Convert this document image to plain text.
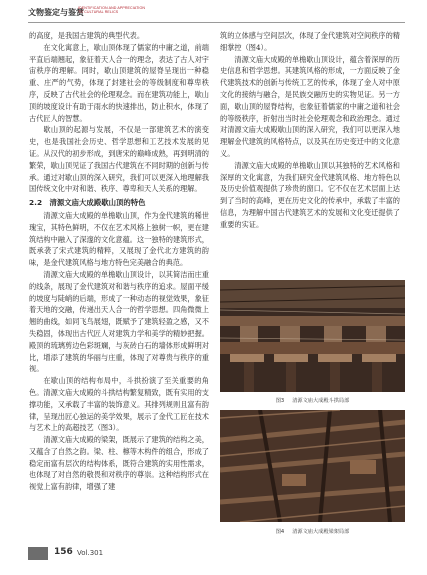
文物鉴定与鉴赏
IDENTIFICATION AND APPRECIATION
TO CULTURAL RELICS

的高度，是我国古建筑的典型代表。

在文化寓意上，歇山顶体现了儒家的中庸之道，前端平直后端翘起，象征着天人合一的理念，表达了古人对宇宙秩序的理解。同时，歇山顶建筑的屋脊呈现出一种稳重、庄严的气势，体现了封建社会的等级制度和尊卑秩序，反映了古代社会的伦理观念。而在建筑功能上，歇山顶的坡度设计有助于雨水的快速排出，防止积水，体现了古代匠人的智慧。

歇山顶的起源与发展，不仅是一部建筑艺术的演变史，也是我国社会历史、哲学思想和工艺技术发展的见证。从汉代的初步形成，到唐宋的巅峰成熟，再到明清的繁荣，歇山顶见证了我国古代建筑在不同时期的创新与传承。通过对歇山顶的深入研究，我们可以更深入地理解我国传统文化中对和谐、秩序、尊卑和天人关系的理解。

2.2　清源文庙大成殿歇山顶的特色

清源文庙大成殿的单檐歇山顶，作为金代建筑的稀世瑰宝，其特色鲜明，不仅在艺术风格上独树一帜，更在建筑结构中融入了深邃的文化意蕴。这一独特的建筑形式，既承袭了宋式建筑的精粹，又展现了金代北方建筑的韵味，是金代建筑风格与地方特色完美融合的典范。

清源文庙大成殿的单檐歇山顶设计，以其简洁而庄重的线条，展现了金代建筑对和谐与秩序的追求。屋面平缓的坡度与陡峭的后端，形成了一种动态的视觉效果，象征着天地的交融，传递出天人合一的哲学思想。四角微微上翘的曲线，如同飞鸟展翅，既赋予了建筑轻盈之感，又不失稳固，体现出古代匠人对建筑力学和美学的精妙把握。殿顶的琉璃剪边色彩斑斓，与灰砖白石的墙体形成鲜明对比，增添了建筑的华丽与庄重，体现了对尊贵与秩序的重视。

在歇山顶的结构布局中，斗拱扮演了至关重要的角色。清源文庙大成殿的斗拱结构繁复精致，既有实用的支撑功能，又承载了丰富的装饰意义。其排列规则且富有韵律，呈现出匠心独运的美学效果，展示了金代工匠在技术与艺术上的高超技艺（图3）。

清源文庙大成殿的梁架，既展示了建筑的结构之美，又蕴含了自然之韵。梁、柱、檩等木构件的组合，形成了稳定而富有层次的结构体系，既符合建筑的实用性需求，也体现了对自然的敬畏和对秩序的尊崇。这种结构形式在视觉上富有韵律，增强了建

筑的立体感与空间层次，体现了金代建筑对空间秩序的精细掌控（图4）。

清源文庙大成殿的单檐歇山顶设计，蕴含着深厚的历史信息和哲学思想。其建筑风格的形成，一方面反映了金代建筑技术的创新与传统工艺的传承，体现了金人对中原文化的接纳与融合，是民族交融历史的实物见证。另一方面，歇山顶的屋脊结构，也象征着儒家的中庸之道和社会的等级秩序，折射出当时社会伦理观念和政治理念。通过对清源文庙大成殿歇山顶的深入研究，我们可以更深入地理解金代建筑的风格特点，以及其在历史变迁中的文化意义。

清源文庙大成殿的单檐歇山顶以其独特的艺术风格和深厚的文化寓意，为我们研究金代建筑风格、地方特色以及历史价值观提供了珍贵的窗口。它不仅在艺术层面上达到了当时的高峰，更在历史文化的传承中，承载了丰富的信息，为理解中国古代建筑艺术的发展和文化变迁提供了重要的实证。

图3 清源文庙大成殿斗拱局部
图4 清源文庙大成殿梁架局部
156 Vol.301
